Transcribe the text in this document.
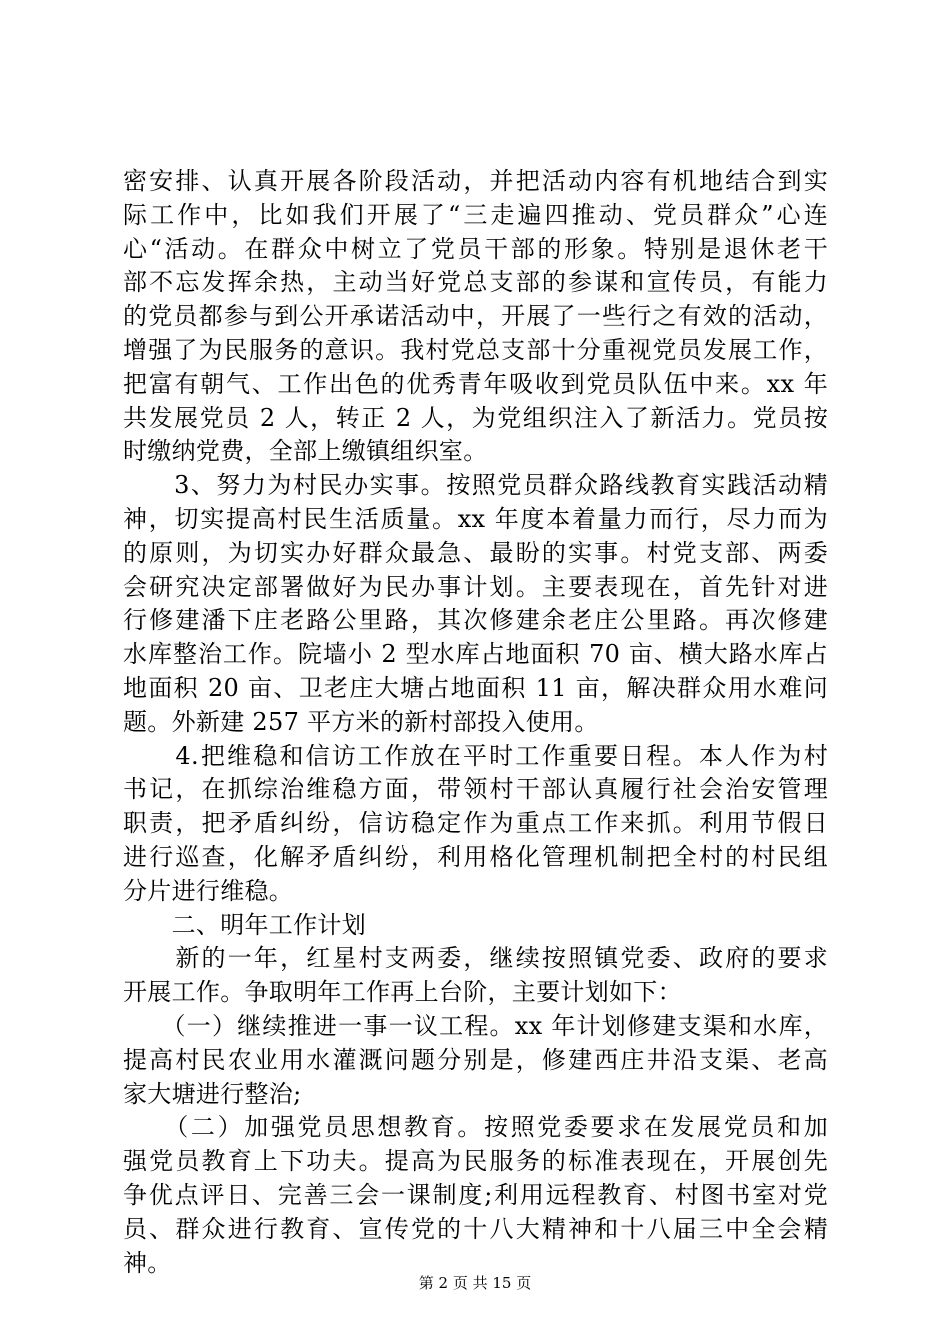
密安排、认真开展各阶段活动，并把活动内容有机地结合到实
际工作中，比如我们开展了“三走遍四推动、党员群众”心连
心“活动。在群众中树立了党员干部的形象。特别是退休老干
部不忘发挥余热，主动当好党总支部的参谋和宣传员，有能力
的党员都参与到公开承诺活动中，开展了一些行之有效的活动，
增强了为民服务的意识。我村党总支部十分重视党员发展工作，
把富有朝气、工作出色的优秀青年吸收到党员队伍中来。xx 年
共发展党员 2 人，转正 2 人，为党组织注入了新活力。党员按
时缴纳党费，全部上缴镇组织室。
　　3、努力为村民办实事。按照党员群众路线教育实践活动精
神，切实提高村民生活质量。xx 年度本着量力而行，尽力而为
的原则，为切实办好群众最急、最盼的实事。村党支部、两委
会研究决定部署做好为民办事计划。主要表现在，首先针对进
行修建潘下庄老路公里路，其次修建余老庄公里路。再次修建
水库整治工作。院墙小 2 型水库占地面积 70 亩、横大路水库占
地面积 20 亩、卫老庄大塘占地面积 11 亩，解决群众用水难问
题。外新建 257 平方米的新村部投入使用。
　　4.把维稳和信访工作放在平时工作重要日程。本人作为村
书记，在抓综治维稳方面，带领村干部认真履行社会治安管理
职责，把矛盾纠纷，信访稳定作为重点工作来抓。利用节假日
进行巡查，化解矛盾纠纷，利用格化管理机制把全村的村民组
分片进行维稳。
　　二、明年工作计划
　　新的一年，红星村支两委，继续按照镇党委、政府的要求
开展工作。争取明年工作再上台阶，主要计划如下：
　　（一）继续推进一事一议工程。xx 年计划修建支渠和水库，
提高村民农业用水灌溉问题分别是，修建西庄井沿支渠、老高
家大塘进行整治;
　　（二）加强党员思想教育。按照党委要求在发展党员和加
强党员教育上下功夫。提高为民服务的标准表现在，开展创先
争优点评日、完善三会一课制度;利用远程教育、村图书室对党
员、群众进行教育、宣传党的十八大精神和十八届三中全会精
神。
第 2 页 共 15 页
